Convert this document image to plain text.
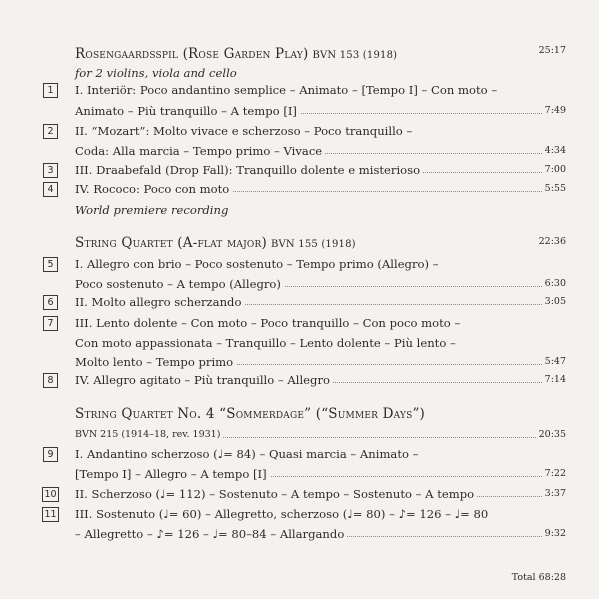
Rosengaardsspil (Rose Garden Play) BVN 153 (1918)	25:17
for 2 violins, viola and cello
1	I. Interiör: Poco andantino semplice – Animato – [Tempo I] – Con moto –
Animato – Più tranquillo – A tempo [I]	7:49
2	II. “Mozart”: Molto vivace e scherzoso – Poco tranquillo –
Coda: Alla marcia – Tempo primo – Vivace	4:34
3	III. Draabefald (Drop Fall): Tranquillo dolente e misterioso	7:00
4	IV. Rococo: Poco con moto	5:55
World premiere recording
String Quartet (A-flat major) BVN 155 (1918)	22:36
5	I. Allegro con brio – Poco sostenuto – Tempo primo (Allegro) –
Poco sostenuto – A tempo (Allegro)	6:30
6	II. Molto allegro scherzando	3:05
7	III. Lento dolente – Con moto – Poco tranquillo – Con poco moto –
Con moto appassionata – Tranquillo – Lento dolente – Più lento –
Molto lento – Tempo primo	5:47
8	IV. Allegro agitato – Più tranquillo – Allegro	7:14
String Quartet No. 4 “Sommerdage” (“Summer Days”)
BVN 215 (1914–18, rev. 1931)	20:35
9	I. Andantino scherzoso (♩= 84) – Quasi marcia – Animato –
[Tempo I] – Allegro – A tempo [I]	7:22
10 II. Scherzoso (♩= 112) – Sostenuto – A tempo – Sostenuto – A tempo	3:37
11 III. Sostenuto (♩= 60) – Allegretto, scherzoso (♩= 80) – ♪= 126 – ♩= 80
– Allegretto – ♪= 126 – ♩= 80–84 – Allargando	9:32
Total 68:28
